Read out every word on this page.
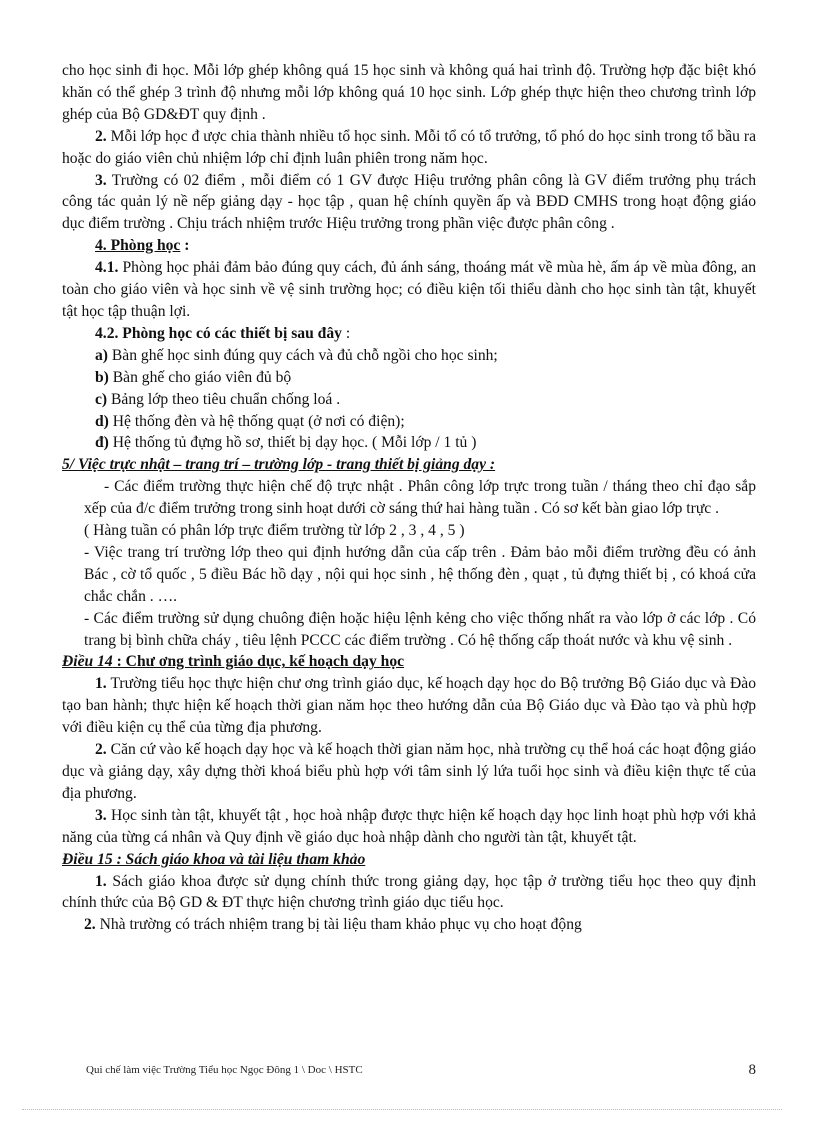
cho học sinh đi học. Mỗi lớp ghép không quá 15 học sinh và không quá hai trình độ. Trường hợp đặc biệt khó khăn có thể ghép 3 trình độ nhưng mỗi lớp không quá 10 học sinh. Lớp ghép thực hiện theo chương trình lớp ghép của Bộ GD&ĐT quy định .

2. Mỗi lớp học đ ược chia thành nhiều tổ học sinh. Mỗi tổ có tổ trưởng, tổ phó do học sinh trong tổ bầu ra hoặc do giáo viên chủ nhiệm lớp chỉ định luân phiên trong năm học.

3. Trường có 02 điểm , mỗi điểm có 1 GV được Hiệu trưởng phân công là GV điểm trưởng phụ trách công tác quản lý nề nếp giảng dạy - học tập , quan hệ chính quyền ấp và BĐD CMHS trong hoạt động giáo dục điểm trường . Chịu trách nhiệm trước Hiệu trưởng trong phần việc được phân công .

4. Phòng học :

4.1. Phòng học phải đảm bảo đúng quy cách, đủ ánh sáng, thoáng mát về mùa hè, ấm áp về mùa đông, an toàn cho giáo viên và học sinh về vệ sinh trường học; có điều kiện tối thiểu dành cho học sinh tàn tật, khuyết tật học tập thuận lợi.

4.2. Phòng học có các thiết bị sau đây :

a) Bàn ghế học sinh đúng quy cách và đủ chỗ ngồi cho học sinh;

b) Bàn ghế cho giáo viên đủ bộ

c) Bảng lớp theo tiêu chuẩn chống loá .

d) Hệ thống đèn và hệ thống quạt (ở nơi có điện);

đ) Hệ thống tủ đựng hồ sơ, thiết bị dạy học. ( Mỗi lớp / 1 tủ )

5/ Việc trực nhật – trang trí – trường lớp - trang thiết bị giảng dạy :

- Các điểm trường thực hiện chế độ trực nhật . Phân công lớp trực trong tuần / tháng theo chỉ đạo sắp xếp của đ/c điểm trưởng trong sinh hoạt dưới cờ sáng thứ hai hàng tuần . Có sơ kết bàn giao lớp trực .

( Hàng tuần có phân lớp trực điểm trường từ lớp 2 , 3 , 4 , 5 )

- Việc trang trí trường lớp theo qui định hướng dẫn của cấp trên . Đảm bảo mỗi điểm trường đều có ảnh Bác , cờ tổ quốc , 5 điều Bác hồ dạy , nội qui học sinh , hệ thống đèn , quạt , tủ đựng thiết bị , có khoá cửa chắc chắn . ….

- Các điểm trường sử dụng chuông điện hoặc hiệu lệnh kẻng cho việc thống nhất ra vào lớp ở các lớp . Có trang bị bình chữa cháy , tiêu lệnh PCCC các điểm trường . Có hệ thống cấp thoát nước và khu vệ sinh .

Điều 14 : Chư ơng trình giáo dục, kế hoạch dạy học

1. Trường tiểu học thực hiện chư ơng trình giáo dục, kế hoạch dạy học do Bộ trưởng Bộ Giáo dục và Đào tạo ban hành; thực hiện kế hoạch thời gian năm học theo hướng dẫn của Bộ Giáo dục và Đào tạo và phù hợp với điều kiện cụ thể của từng địa phương.

2. Căn cứ vào kế hoạch dạy học và kế hoạch thời gian năm học, nhà trường cụ thể hoá các hoạt động giáo dục và giảng dạy, xây dựng thời khoá biểu phù hợp với tâm sinh lý lứa tuổi học sinh và điều kiện thực tế của địa phương.

3. Học sinh tàn tật, khuyết tật , học hoà nhập được thực hiện kế hoạch dạy học linh hoạt phù hợp với khả năng của từng cá nhân và Quy định về giáo dục hoà nhập dành cho người tàn tật, khuyết tật.

Điều 15 : Sách giáo khoa và tài liệu tham khảo

1. Sách giáo khoa được sử dụng chính thức trong giảng dạy, học tập ở trường tiểu học theo quy định chính thức của Bộ GD & ĐT thực hiện chương trình giáo dục tiểu học.

2. Nhà trường có trách nhiệm trang bị tài liệu tham khảo phục vụ cho hoạt động

Qui chế làm việc Trường Tiểu học Ngọc Đông 1 \ Doc \ HSTC	8
